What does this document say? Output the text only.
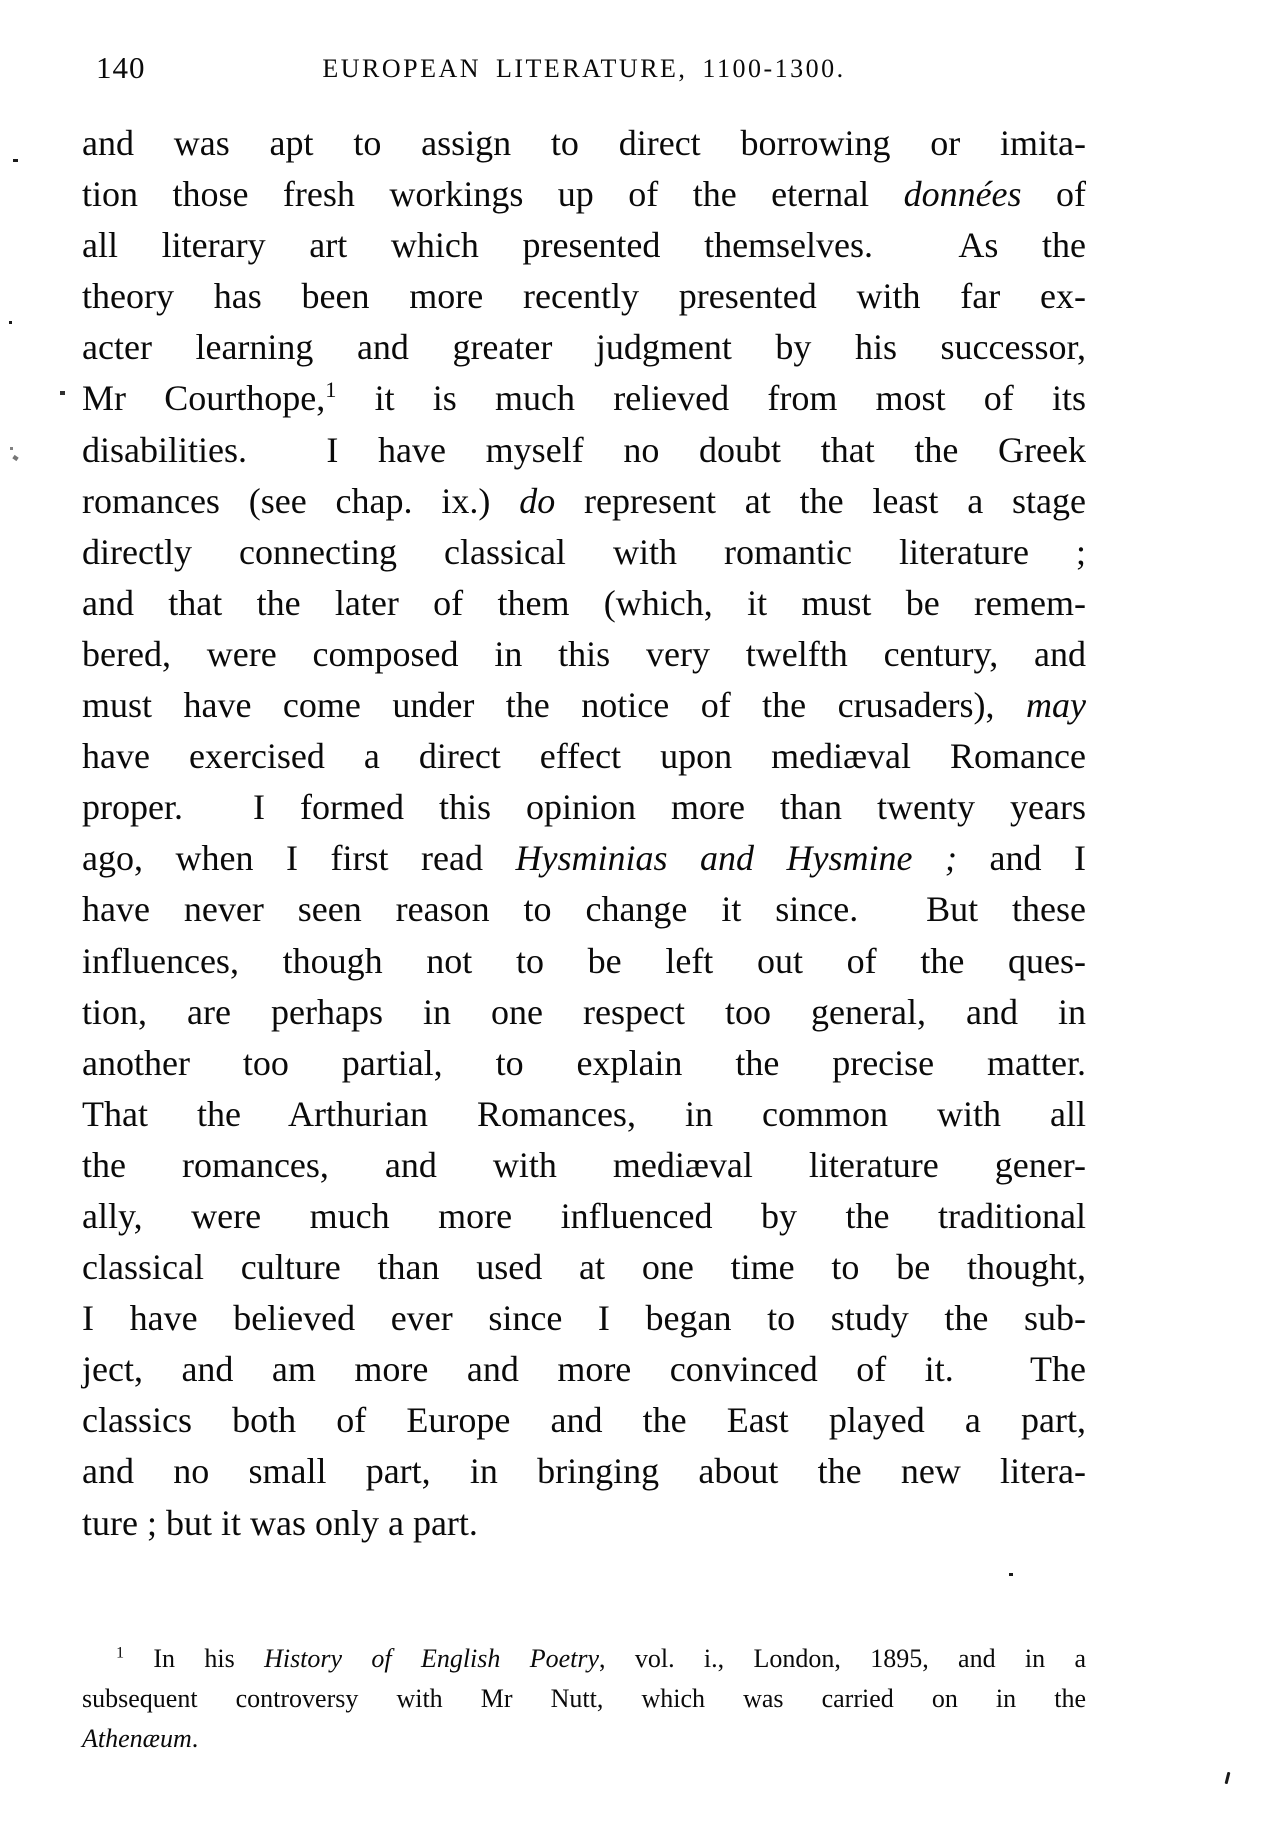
140	EUROPEAN LITERATURE, 1100-1300.
and was apt to assign to direct borrowing or imita-
tion those fresh workings up of the eternal données of
all literary art which presented themselves.  As the
theory has been more recently presented with far ex-
acter learning and greater judgment by his successor,
Mr Courthope,$^1$ it is much relieved from most of its
disabilities.  I have myself no doubt that the Greek
romances (see chap. ix.) do represent at the least a stage
directly connecting classical with romantic literature ;
and that the later of them (which, it must be remem-
bered, were composed in this very twelfth century, and
must have come under the notice of the crusaders), may
have exercised a direct effect upon mediæval Romance
proper.  I formed this opinion more than twenty years
ago, when I first read Hysminias and Hysmine ; and I
have never seen reason to change it since.  But these
influences, though not to be left out of the ques-
tion, are perhaps in one respect too general, and in
another too partial, to explain the precise matter.
That the Arthurian Romances, in common with all
the romances, and with mediæval literature gener-
ally, were much more influenced by the traditional
classical culture than used at one time to be thought,
I have believed ever since I began to study the sub-
ject, and am more and more convinced of it.  The
classics both of Europe and the East played a part,
and no small part, in bringing about the new litera-
ture ; but it was only a part.
$^1$ In his History of English Poetry, vol. i., London, 1895, and in a
subsequent controversy with Mr Nutt, which was carried on in the
Athenæum.
